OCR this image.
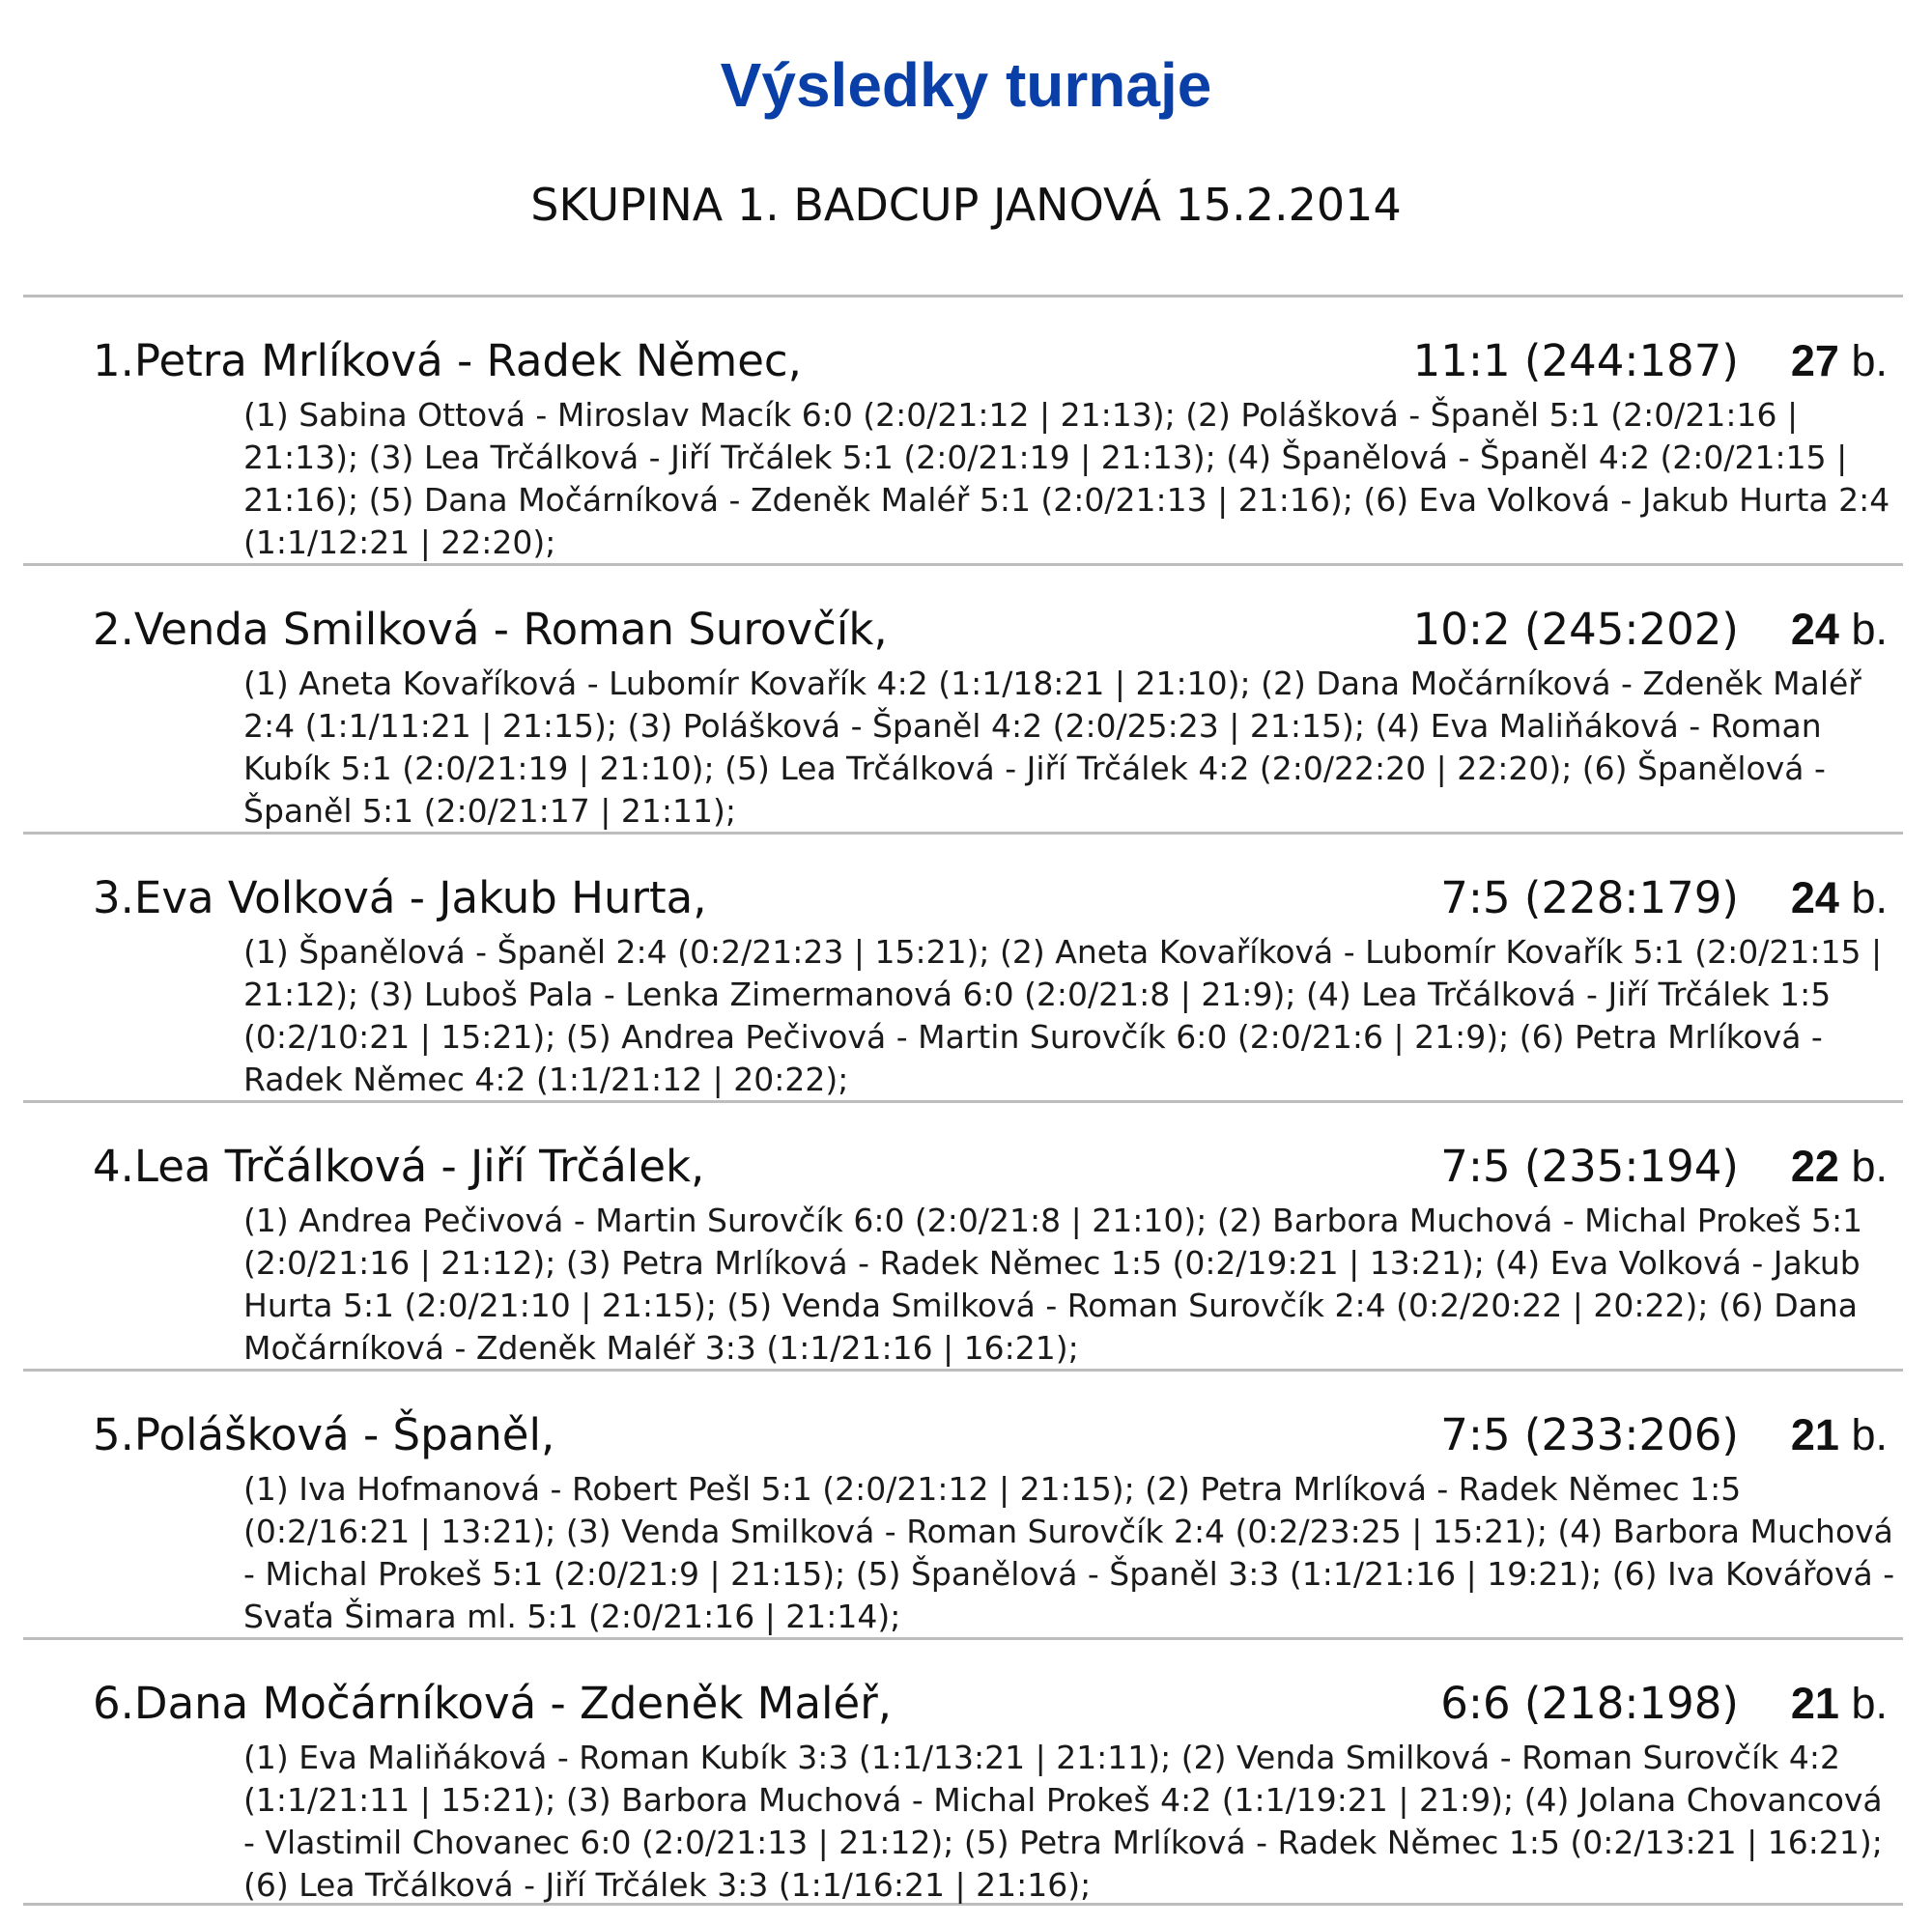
Výsledky turnaje
SKUPINA 1. BADCUP JANOVÁ 15.2.2014
1.Petra Mrlíková - Radek Němec,	11:1 (244:187) 27 b.
(1) Sabina Ottová - Miroslav Macík 6:0 (2:0/21:12 | 21:13); (2) Polášková - Španěl 5:1 (2:0/21:16 | 21:13); (3) Lea Trčálková - Jiří Trčálek 5:1 (2:0/21:19 | 21:13); (4) Španělová - Španěl 4:2 (2:0/21:15 | 21:16); (5) Dana Močárníková - Zdeněk Maléř 5:1 (2:0/21:13 | 21:16); (6) Eva Volková - Jakub Hurta 2:4 (1:1/12:21 | 22:20);
2.Venda Smilková - Roman Surovčík,	10:2 (245:202) 24 b.
(1) Aneta Kovaříková - Lubomír Kovařík 4:2 (1:1/18:21 | 21:10); (2) Dana Močárníková - Zdeněk Maléř 2:4 (1:1/11:21 | 21:15); (3) Polášková - Španěl 4:2 (2:0/25:23 | 21:15); (4) Eva Maliňáková - Roman Kubík 5:1 (2:0/21:19 | 21:10); (5) Lea Trčálková - Jiří Trčálek 4:2 (2:0/22:20 | 22:20); (6) Španělová - Španěl 5:1 (2:0/21:17 | 21:11);
3.Eva Volková - Jakub Hurta,	7:5 (228:179) 24 b.
(1) Španělová - Španěl 2:4 (0:2/21:23 | 15:21); (2) Aneta Kovaříková - Lubomír Kovařík 5:1 (2:0/21:15 | 21:12); (3) Luboš Pala - Lenka Zimermanová 6:0 (2:0/21:8 | 21:9); (4) Lea Trčálková - Jiří Trčálek 1:5 (0:2/10:21 | 15:21); (5) Andrea Pečivová - Martin Surovčík 6:0 (2:0/21:6 | 21:9); (6) Petra Mrlíková - Radek Němec 4:2 (1:1/21:12 | 20:22);
4.Lea Trčálková - Jiří Trčálek,	7:5 (235:194) 22 b.
(1) Andrea Pečivová - Martin Surovčík 6:0 (2:0/21:8 | 21:10); (2) Barbora Muchová - Michal Prokeš 5:1 (2:0/21:16 | 21:12); (3) Petra Mrlíková - Radek Němec 1:5 (0:2/19:21 | 13:21); (4) Eva Volková - Jakub Hurta 5:1 (2:0/21:10 | 21:15); (5) Venda Smilková - Roman Surovčík 2:4 (0:2/20:22 | 20:22); (6) Dana Močárníková - Zdeněk Maléř 3:3 (1:1/21:16 | 16:21);
5.Polášková - Španěl,	7:5 (233:206) 21 b.
(1) Iva Hofmanová - Robert Pešl 5:1 (2:0/21:12 | 21:15); (2) Petra Mrlíková - Radek Němec 1:5 (0:2/16:21 | 13:21); (3) Venda Smilková - Roman Surovčík 2:4 (0:2/23:25 | 15:21); (4) Barbora Muchová - Michal Prokeš 5:1 (2:0/21:9 | 21:15); (5) Španělová - Španěl 3:3 (1:1/21:16 | 19:21); (6) Iva Kovářová - Svaťa Šimara ml. 5:1 (2:0/21:16 | 21:14);
6.Dana Močárníková - Zdeněk Maléř,	6:6 (218:198) 21 b.
(1) Eva Maliňáková - Roman Kubík 3:3 (1:1/13:21 | 21:11); (2) Venda Smilková - Roman Surovčík 4:2 (1:1/21:11 | 15:21); (3) Barbora Muchová - Michal Prokeš 4:2 (1:1/19:21 | 21:9); (4) Jolana Chovancová - Vlastimil Chovanec 6:0 (2:0/21:13 | 21:12); (5) Petra Mrlíková - Radek Němec 1:5 (0:2/13:21 | 16:21); (6) Lea Trčálková - Jiří Trčálek 3:3 (1:1/16:21 | 21:16);
